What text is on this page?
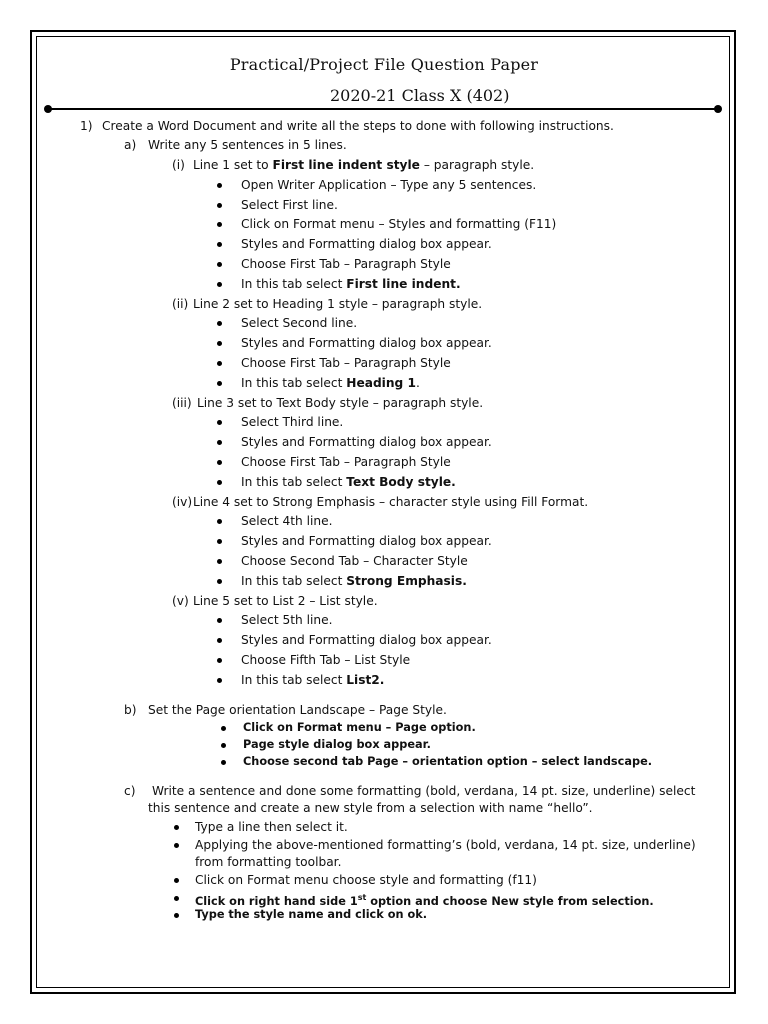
Practical/Project File Question Paper
2020-21 Class X (402)
1) Create a Word Document and write all the steps to done with following instructions.
a) Write any 5 sentences in 5 lines.
(i) Line 1 set to First line indent style – paragraph style.
Open Writer Application – Type any 5 sentences.
Select First line.
Click on Format menu – Styles and formatting (F11)
Styles and Formatting dialog box appear.
Choose First Tab – Paragraph Style
In this tab select First line indent.
(ii) Line 2 set to Heading 1 style – paragraph style.
Select Second line.
Styles and Formatting dialog box appear.
Choose First Tab – Paragraph Style
In this tab select Heading 1.
(iii) Line 3 set to Text Body style – paragraph style.
Select Third line.
Styles and Formatting dialog box appear.
Choose First Tab – Paragraph Style
In this tab select Text Body style.
(iv) Line 4 set to Strong Emphasis – character style using Fill Format.
Select 4th line.
Styles and Formatting dialog box appear.
Choose Second Tab – Character Style
In this tab select Strong Emphasis.
(v) Line 5 set to List 2 – List style.
Select 5th line.
Styles and Formatting dialog box appear.
Choose Fifth Tab – List Style
In this tab select List2.
b) Set the Page orientation Landscape – Page Style.
Click on Format menu – Page option.
Page style dialog box appear.
Choose second tab Page – orientation option – select landscape.
c) Write a sentence and done some formatting (bold, verdana, 14 pt. size, underline) select
this sentence and create a new style from a selection with name “hello”.
Type a line then select it.
Applying the above-mentioned formatting’s (bold, verdana, 14 pt. size, underline)
from formatting toolbar.
Click on Format menu choose style and formatting (f11)
Click on right hand side 1st option and choose New style from selection.
Type the style name and click on ok.
